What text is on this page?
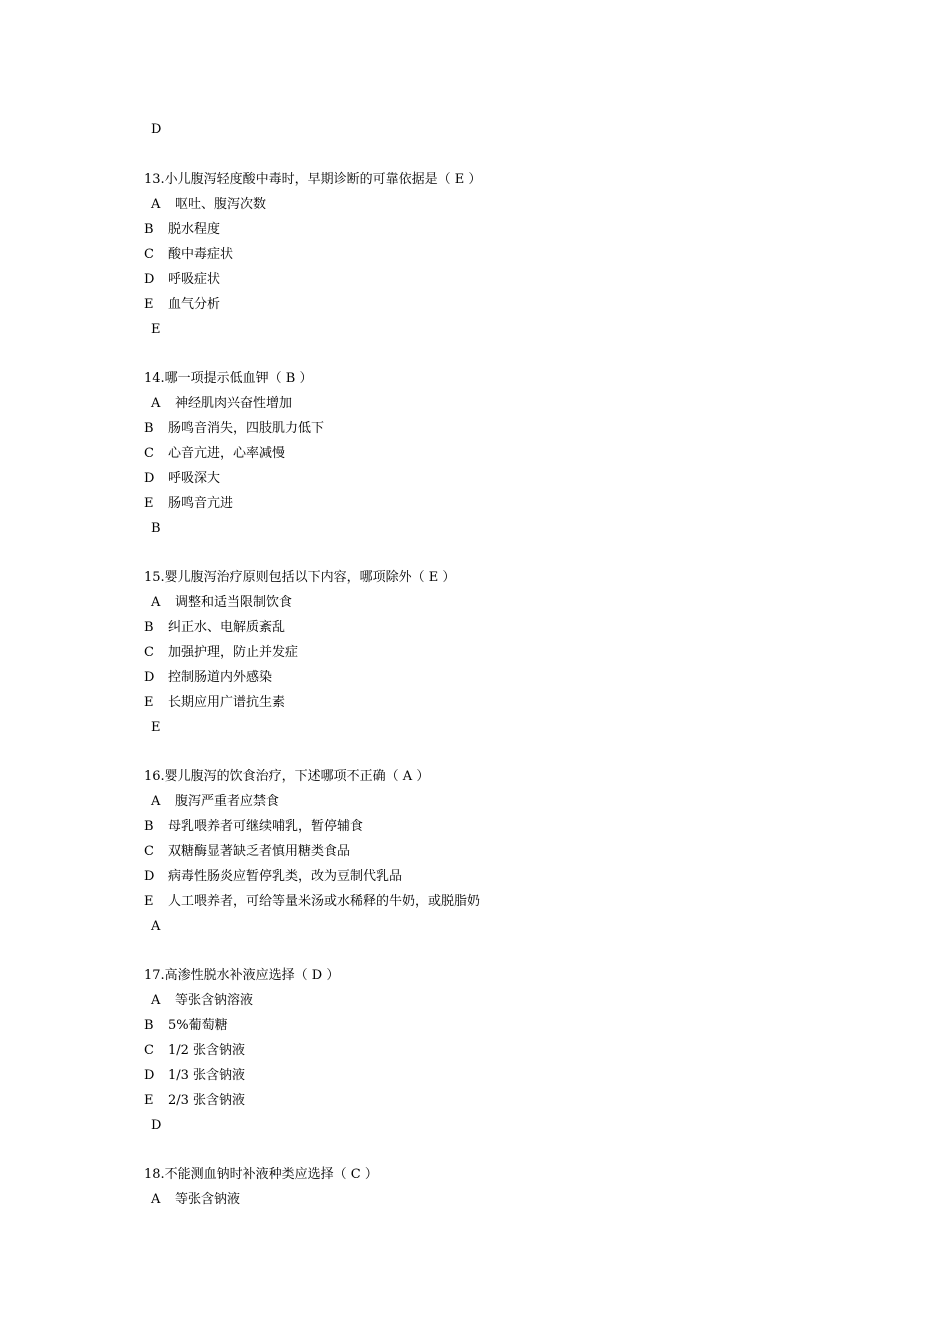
D
13.小儿腹泻轻度酸中毒时，早期诊断的可靠依据是（ E ）
A 呕吐、腹泻次数
B 脱水程度
C 酸中毒症状
D 呼吸症状
E 血气分析
E
14.哪一项提示低血钾（ B ）
A 神经肌肉兴奋性增加
B 肠鸣音消失，四肢肌力低下
C 心音亢进，心率减慢
D 呼吸深大
E 肠鸣音亢进
B
15.婴儿腹泻治疗原则包括以下内容，哪项除外（ E ）
A 调整和适当限制饮食
B 纠正水、电解质紊乱
C 加强护理，防止并发症
D 控制肠道内外感染
E 长期应用广谱抗生素
E
16.婴儿腹泻的饮食治疗，下述哪项不正确（ A ）
A 腹泻严重者应禁食
B 母乳喂养者可继续哺乳，暂停辅食
C 双糖酶显著缺乏者慎用糖类食品
D 病毒性肠炎应暂停乳类，改为豆制代乳品
E 人工喂养者，可给等量米汤或水稀释的牛奶，或脱脂奶
A
17.高渗性脱水补液应选择（ D ）
A 等张含钠溶液
B 5%葡萄糖
C 1/2 张含钠液
D 1/3 张含钠液
E 2/3 张含钠液
D
18.不能测血钠时补液种类应选择（ C ）
A 等张含钠液
